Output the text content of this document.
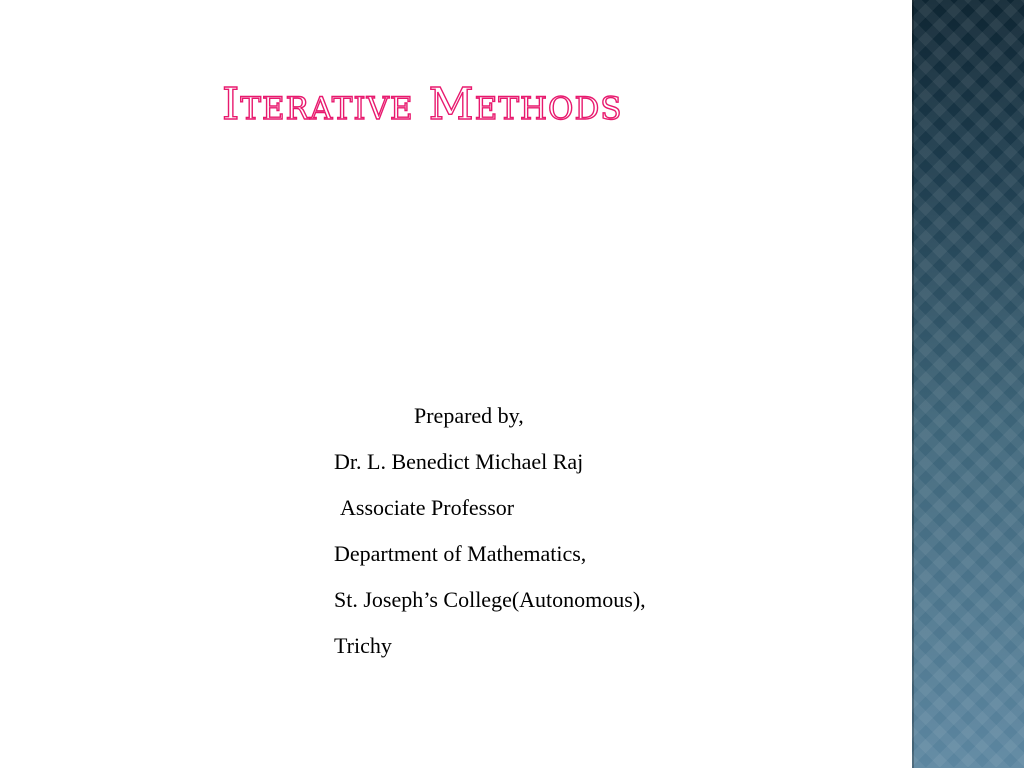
Iterative Methods
Prepared by,
Dr. L. Benedict Michael Raj
Associate Professor
Department of Mathematics,
St. Joseph’s College(Autonomous),
Trichy
